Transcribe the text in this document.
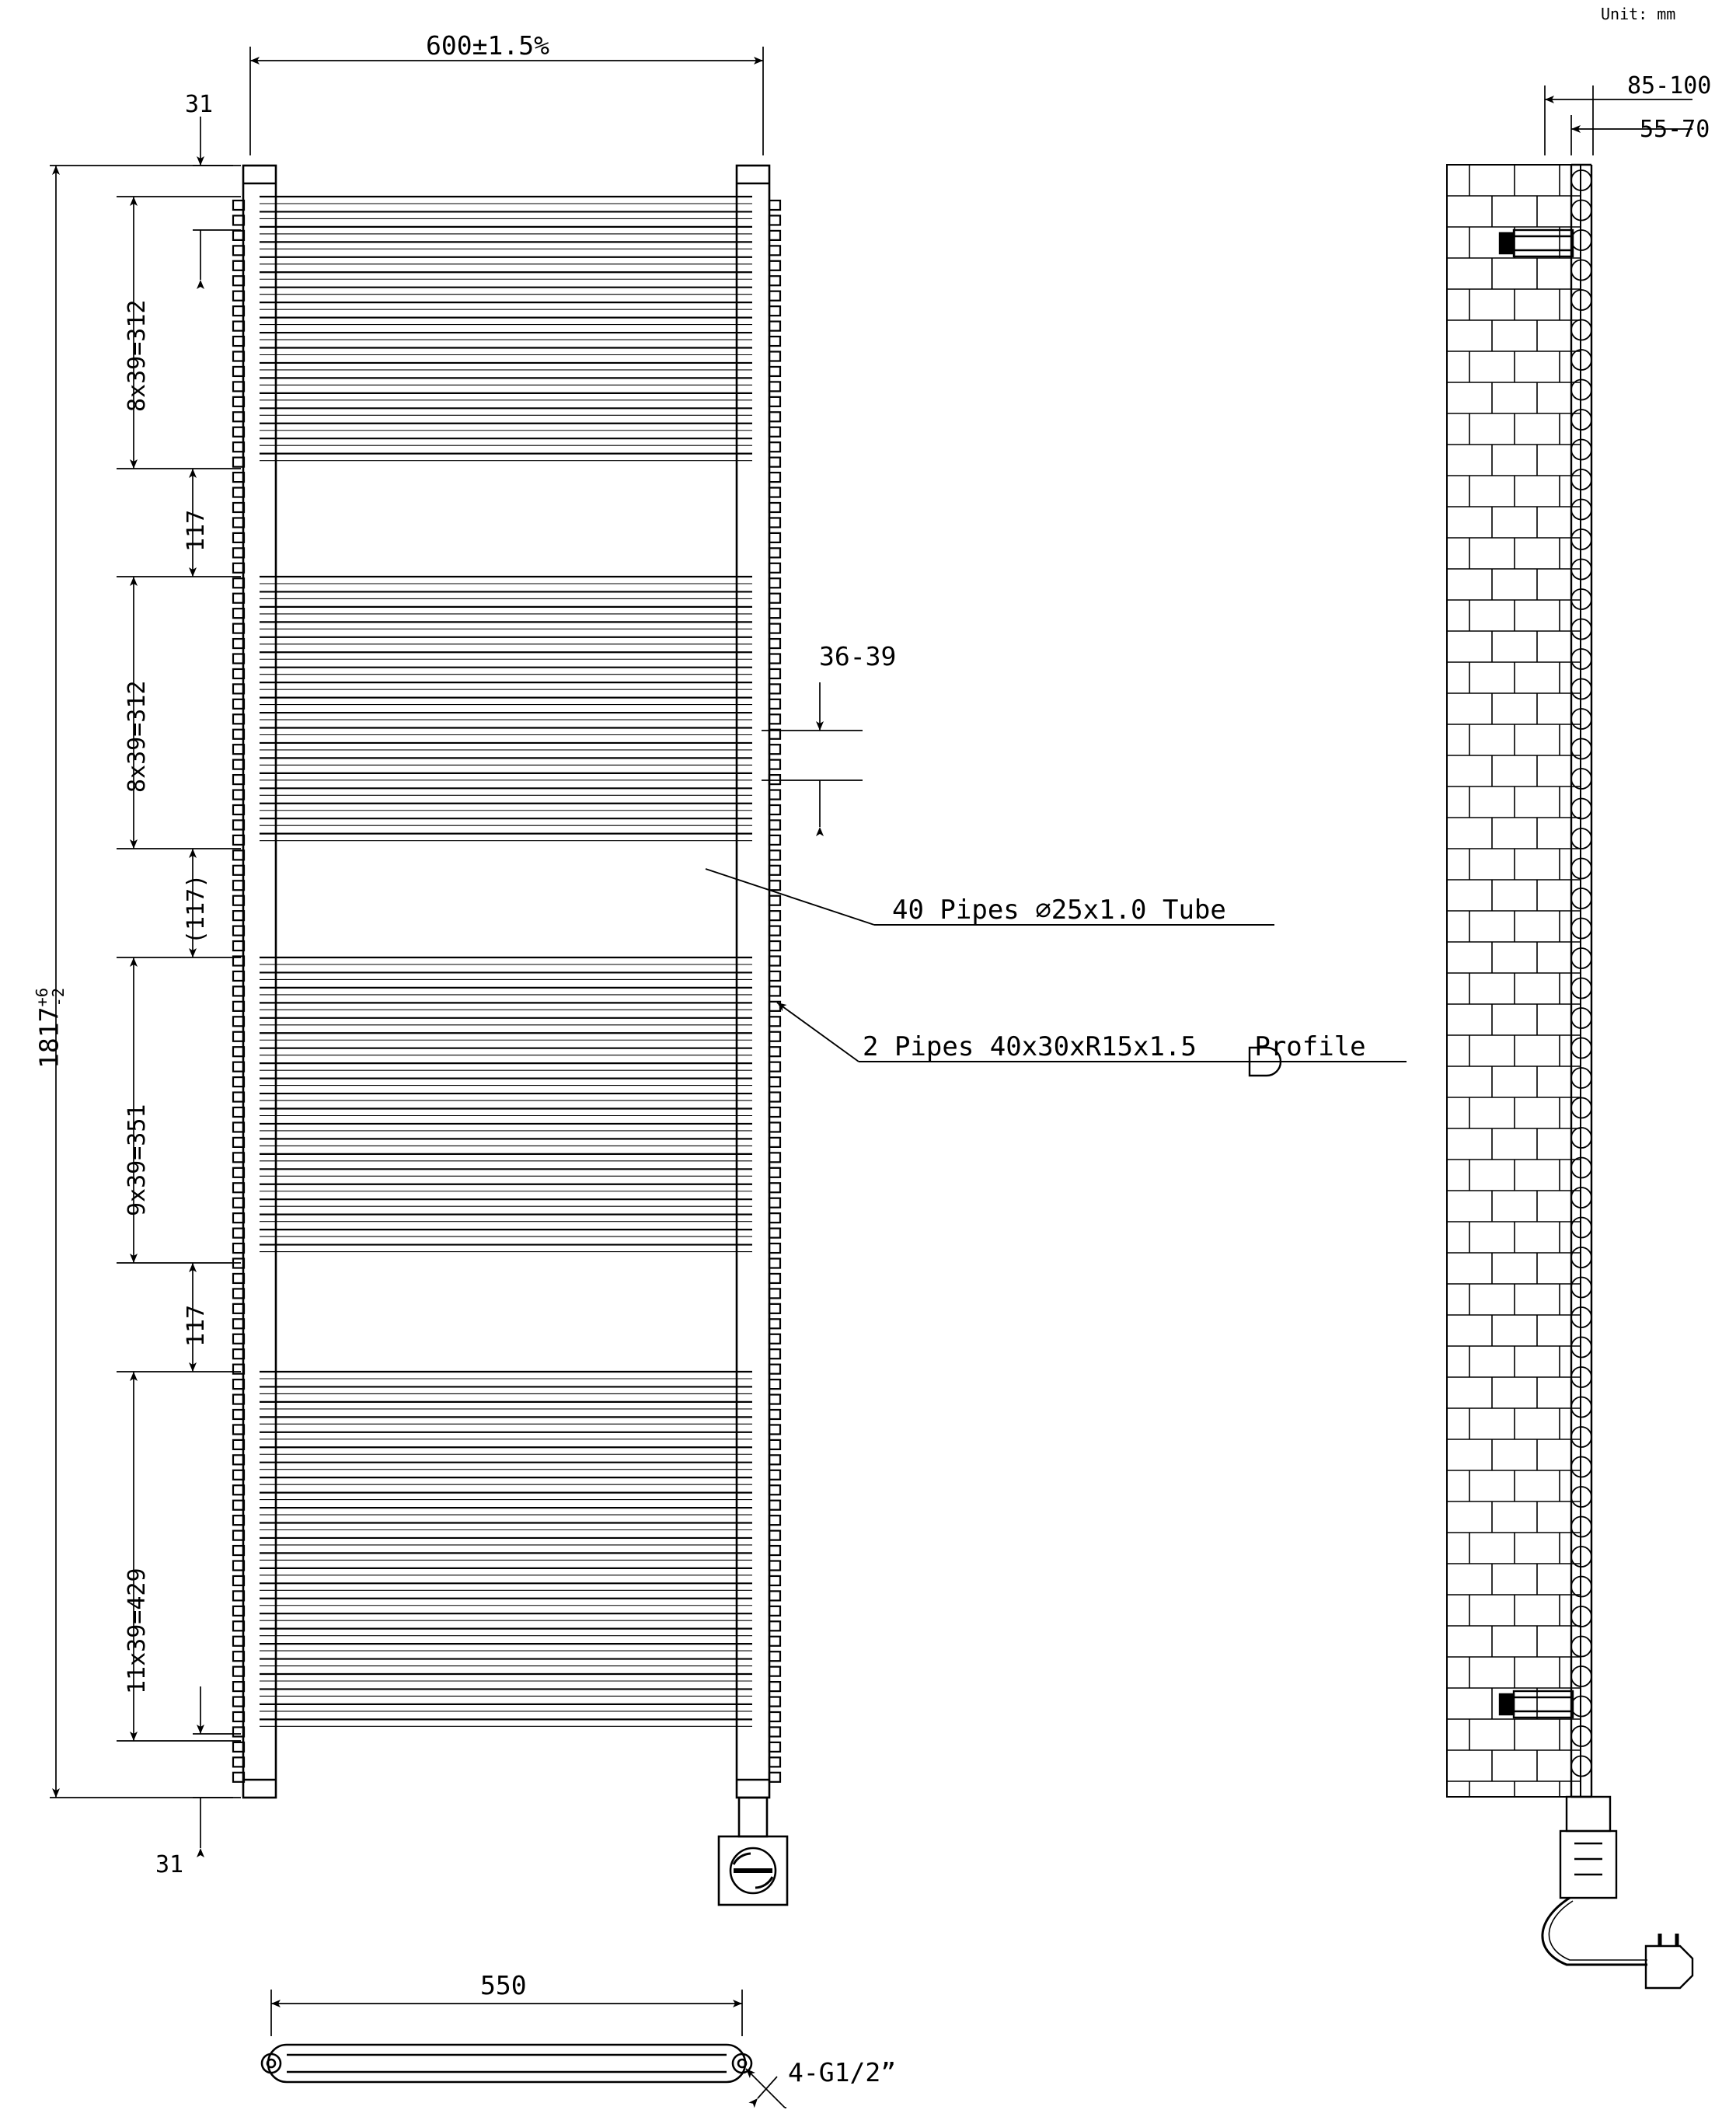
Unit: mm
600±1.5%
1817+6
-2
31
31
8x39=312
117
8x39=312
(117)
9x39=351
117
11x39=429
36-39
40 Pipes ⌀25x1.0 Tube
2 Pipes 40x30xR15x1.5 Profile
85-100
55-70
550
4-G1/2”
